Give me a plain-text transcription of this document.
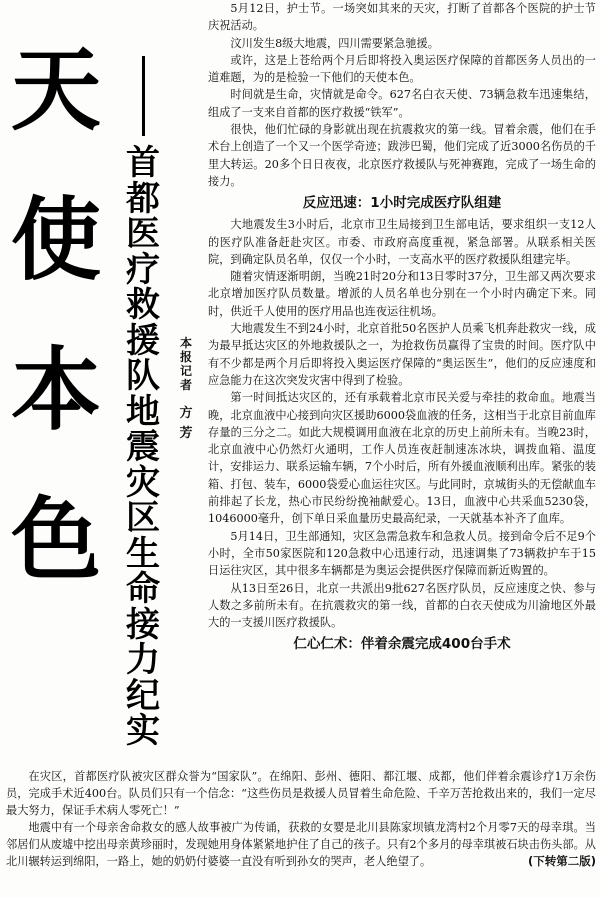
天
使
本
色
首
都
医
疗
救
援
队
地
震
灾
区
生
命
接
力
纪
实
本
报
记
者
方
芳

5月12日，护士节。一场突如其来的天灾，打断了首都各个医院的护士节庆祝活动。

汶川发生8级大地震，四川需要紧急驰援。

或许，这是上苍给两个月后即将投入奥运医疗保障的首都医务人员出的一道难题，为的是检验一下他们的天使本色。

时间就是生命，灾情就是命令。627名白衣天使、73辆急救车迅速集结，组成了一支来自首都的医疗救援“铁军”。

很快，他们忙碌的身影就出现在抗震救灾的第一线。冒着余震，他们在手术台上创造了一个又一个医学奇迹；跋涉巴蜀，他们完成了近3000名伤员的千里大转运。20多个日日夜夜，北京医疗救援队与死神赛跑，完成了一场生命的接力。

反应迅速：1小时完成医疗队组建

大地震发生3小时后，北京市卫生局接到卫生部电话，要求组织一支12人的医疗队准备赶赴灾区。市委、市政府高度重视，紧急部署。从联系相关医院，到确定队员名单，仅仅一个小时，一支高水平的医疗救援队组建完毕。

随着灾情逐渐明朗，当晚21时20分和13日零时37分，卫生部又两次要求北京增加医疗队员数量。增派的人员名单也分别在一个小时内确定下来。同时，供近千人使用的医疗用品也连夜运往机场。

大地震发生不到24小时，北京首批50名医护人员乘飞机奔赴救灾一线，成为最早抵达灾区的外地救援队之一，为抢救伤员赢得了宝贵的时间。医疗队中有不少都是两个月后即将投入奥运医疗保障的“奥运医生”，他们的反应速度和应急能力在这次突发灾害中得到了检验。

第一时间抵达灾区的，还有承载着北京市民关爱与牵挂的救命血。地震当晚，北京血液中心接到向灾区援助6000袋血液的任务，这相当于北京目前血库存量的三分之二。如此大规模调用血液在北京的历史上前所未有。当晚23时，北京血液中心仍然灯火通明，工作人员连夜赶制速冻冰块，调拨血箱、温度计，安排运力、联系运输车辆，7个小时后，所有外援血液顺利出库。紧张的装箱、打包、装车，6000袋爱心血运往灾区。与此同时，京城街头的无偿献血车前排起了长龙，热心市民纷纷挽袖献爱心。13日，血液中心共采血5230袋，1046000毫升，创下单日采血量历史最高纪录，一天就基本补齐了血库。

5月14日，卫生部通知，灾区急需急救车和急救人员。接到命令后不足9个小时，全市50家医院和120急救中心迅速行动，迅速调集了73辆救护车于15日运往灾区，其中很多车辆都是为奥运会提供医疗保障而新近购置的。

从13日至26日，北京一共派出9批627名医疗队员，反应速度之快、参与人数之多前所未有。在抗震救灾的第一线，首都的白衣天使成为川渝地区外最大的一支援川医疗救援队。

仁心仁术：伴着余震完成400台手术

在灾区，首都医疗队被灾区群众誉为“国家队”。在绵阳、彭州、德阳、都江堰、成都，他们伴着余震诊疗1万余伤员，完成手术近400台。队员们只有一个信念：“这些伤员是救援人员冒着生命危险、千辛万苦抢救出来的，我们一定尽最大努力，保证手术病人零死亡！”

地震中有一个母亲舍命救女的感人故事被广为传诵，获救的女婴是北川县陈家坝镇龙湾村2个月零7天的母幸琪。当邻居们从废墟中挖出母亲黄珍丽时，发现她用身体紧紧地护住了自己的孩子。只有2个多月的母幸琪被石块击伤头部。从北川辗转运到绵阳，一路上，她的奶奶付婆婆一直没有听到孙女的哭声，老人绝望了。	(下转第二版)
